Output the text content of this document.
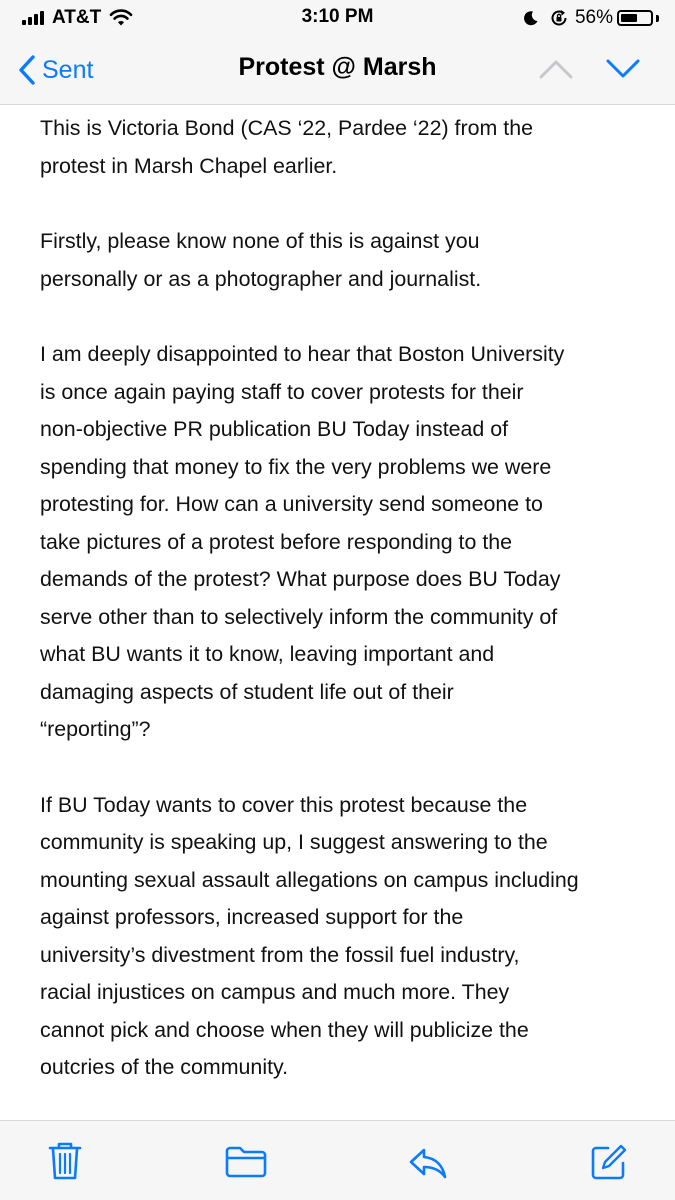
AT&T	3:10 PM	56%
Sent	Protest @ Marsh

This is Victoria Bond (CAS ‘22, Pardee ‘22) from the
protest in Marsh Chapel earlier.

Firstly, please know none of this is against you
personally or as a photographer and journalist.

I am deeply disappointed to hear that Boston University
is once again paying staff to cover protests for their
non-objective PR publication BU Today instead of
spending that money to fix the very problems we were
protesting for. How can a university send someone to
take pictures of a protest before responding to the
demands of the protest? What purpose does BU Today
serve other than to selectively inform the community of
what BU wants it to know, leaving important and
damaging aspects of student life out of their
“reporting”?

If BU Today wants to cover this protest because the
community is speaking up, I suggest answering to the
mounting sexual assault allegations on campus including
against professors, increased support for the
university’s divestment from the fossil fuel industry,
racial injustices on campus and much more. They
cannot pick and choose when they will publicize the
outcries of the community.
